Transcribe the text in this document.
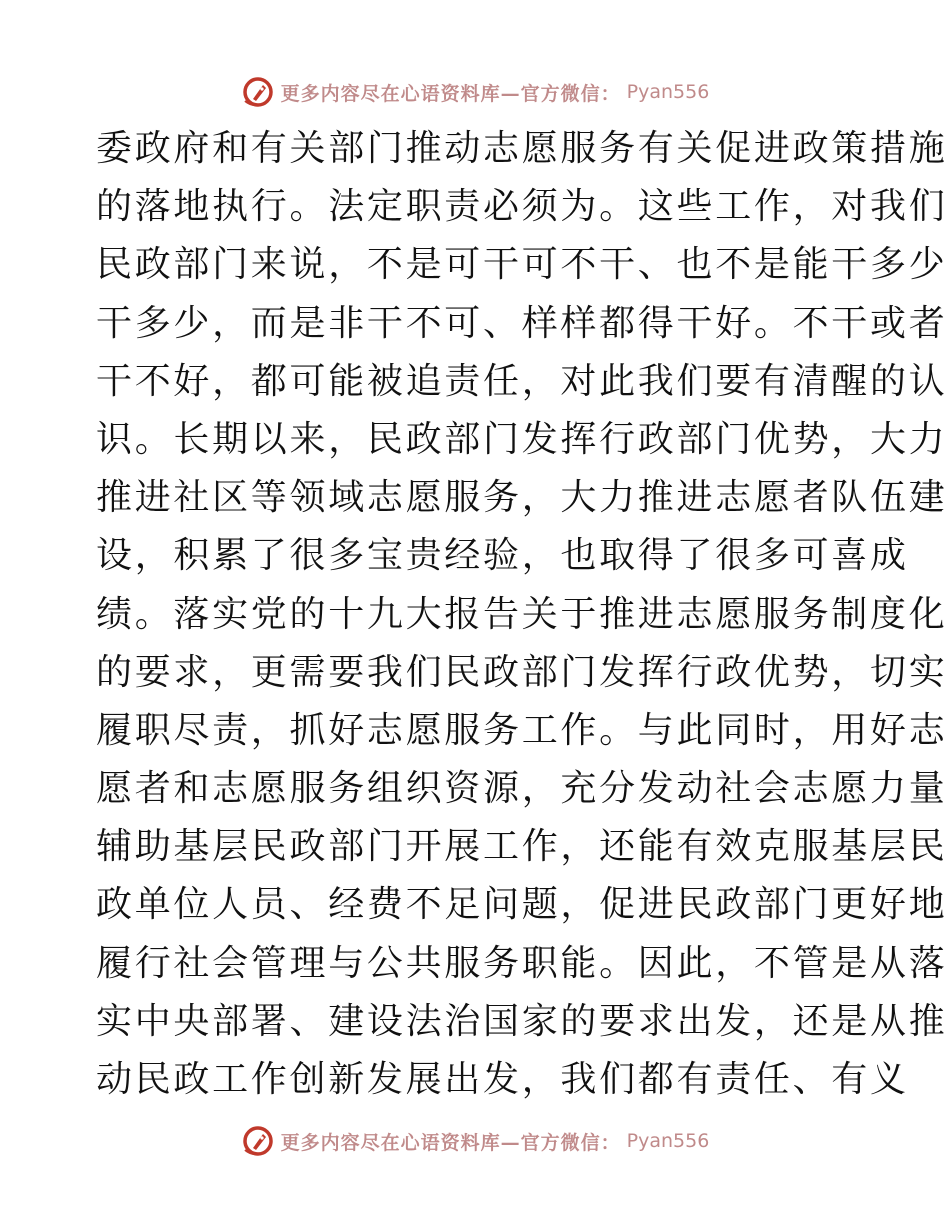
更多内容尽在心语资料库—官方微信： Pyan556
委政府和有关部门推动志愿服务有关促进政策措施
的落地执行。法定职责必须为。这些工作，对我们
民政部门来说，不是可干可不干、也不是能干多少
干多少，而是非干不可、样样都得干好。不干或者
干不好，都可能被追责任，对此我们要有清醒的认
识。长期以来，民政部门发挥行政部门优势，大力
推进社区等领域志愿服务，大力推进志愿者队伍建
设，积累了很多宝贵经验，也取得了很多可喜成
绩。落实党的十九大报告关于推进志愿服务制度化
的要求，更需要我们民政部门发挥行政优势，切实
履职尽责，抓好志愿服务工作。与此同时，用好志
愿者和志愿服务组织资源，充分发动社会志愿力量
辅助基层民政部门开展工作，还能有效克服基层民
政单位人员、经费不足问题，促进民政部门更好地
履行社会管理与公共服务职能。因此，不管是从落
实中央部署、建设法治国家的要求出发，还是从推
动民政工作创新发展出发，我们都有责任、有义
更多内容尽在心语资料库—官方微信： Pyan556
